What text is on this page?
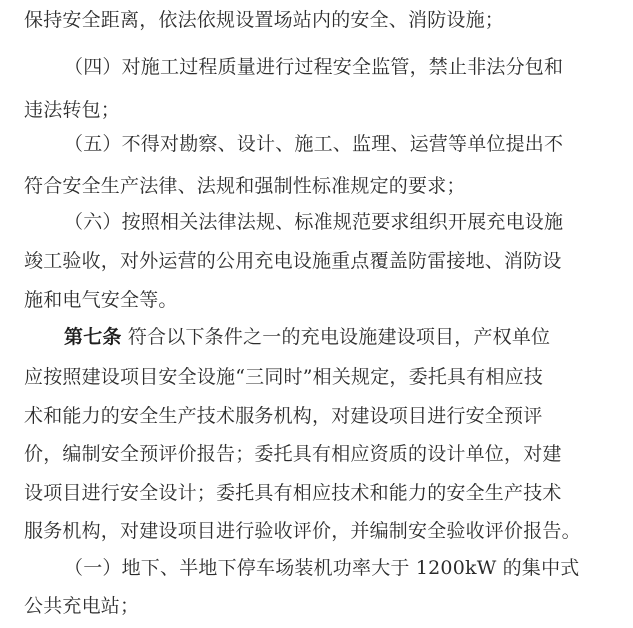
保持安全距离，依法依规设置场站内的安全、消防设施；
（四）对施工过程质量进行过程安全监管，禁止非法分包和
违法转包；
（五）不得对勘察、设计、施工、监理、运营等单位提出不
符合安全生产法律、法规和强制性标准规定的要求；
（六）按照相关法律法规、标准规范要求组织开展充电设施
竣工验收，对外运营的公用充电设施重点覆盖防雷接地、消防设
施和电气安全等。
第七条 符合以下条件之一的充电设施建设项目，产权单位
应按照建设项目安全设施“三同时”相关规定，委托具有相应技
术和能力的安全生产技术服务机构，对建设项目进行安全预评
价，编制安全预评价报告；委托具有相应资质的设计单位，对建
设项目进行安全设计；委托具有相应技术和能力的安全生产技术
服务机构，对建设项目进行验收评价，并编制安全验收评价报告。
（一）地下、半地下停车场装机功率大于 1200kW 的集中式
公共充电站；
